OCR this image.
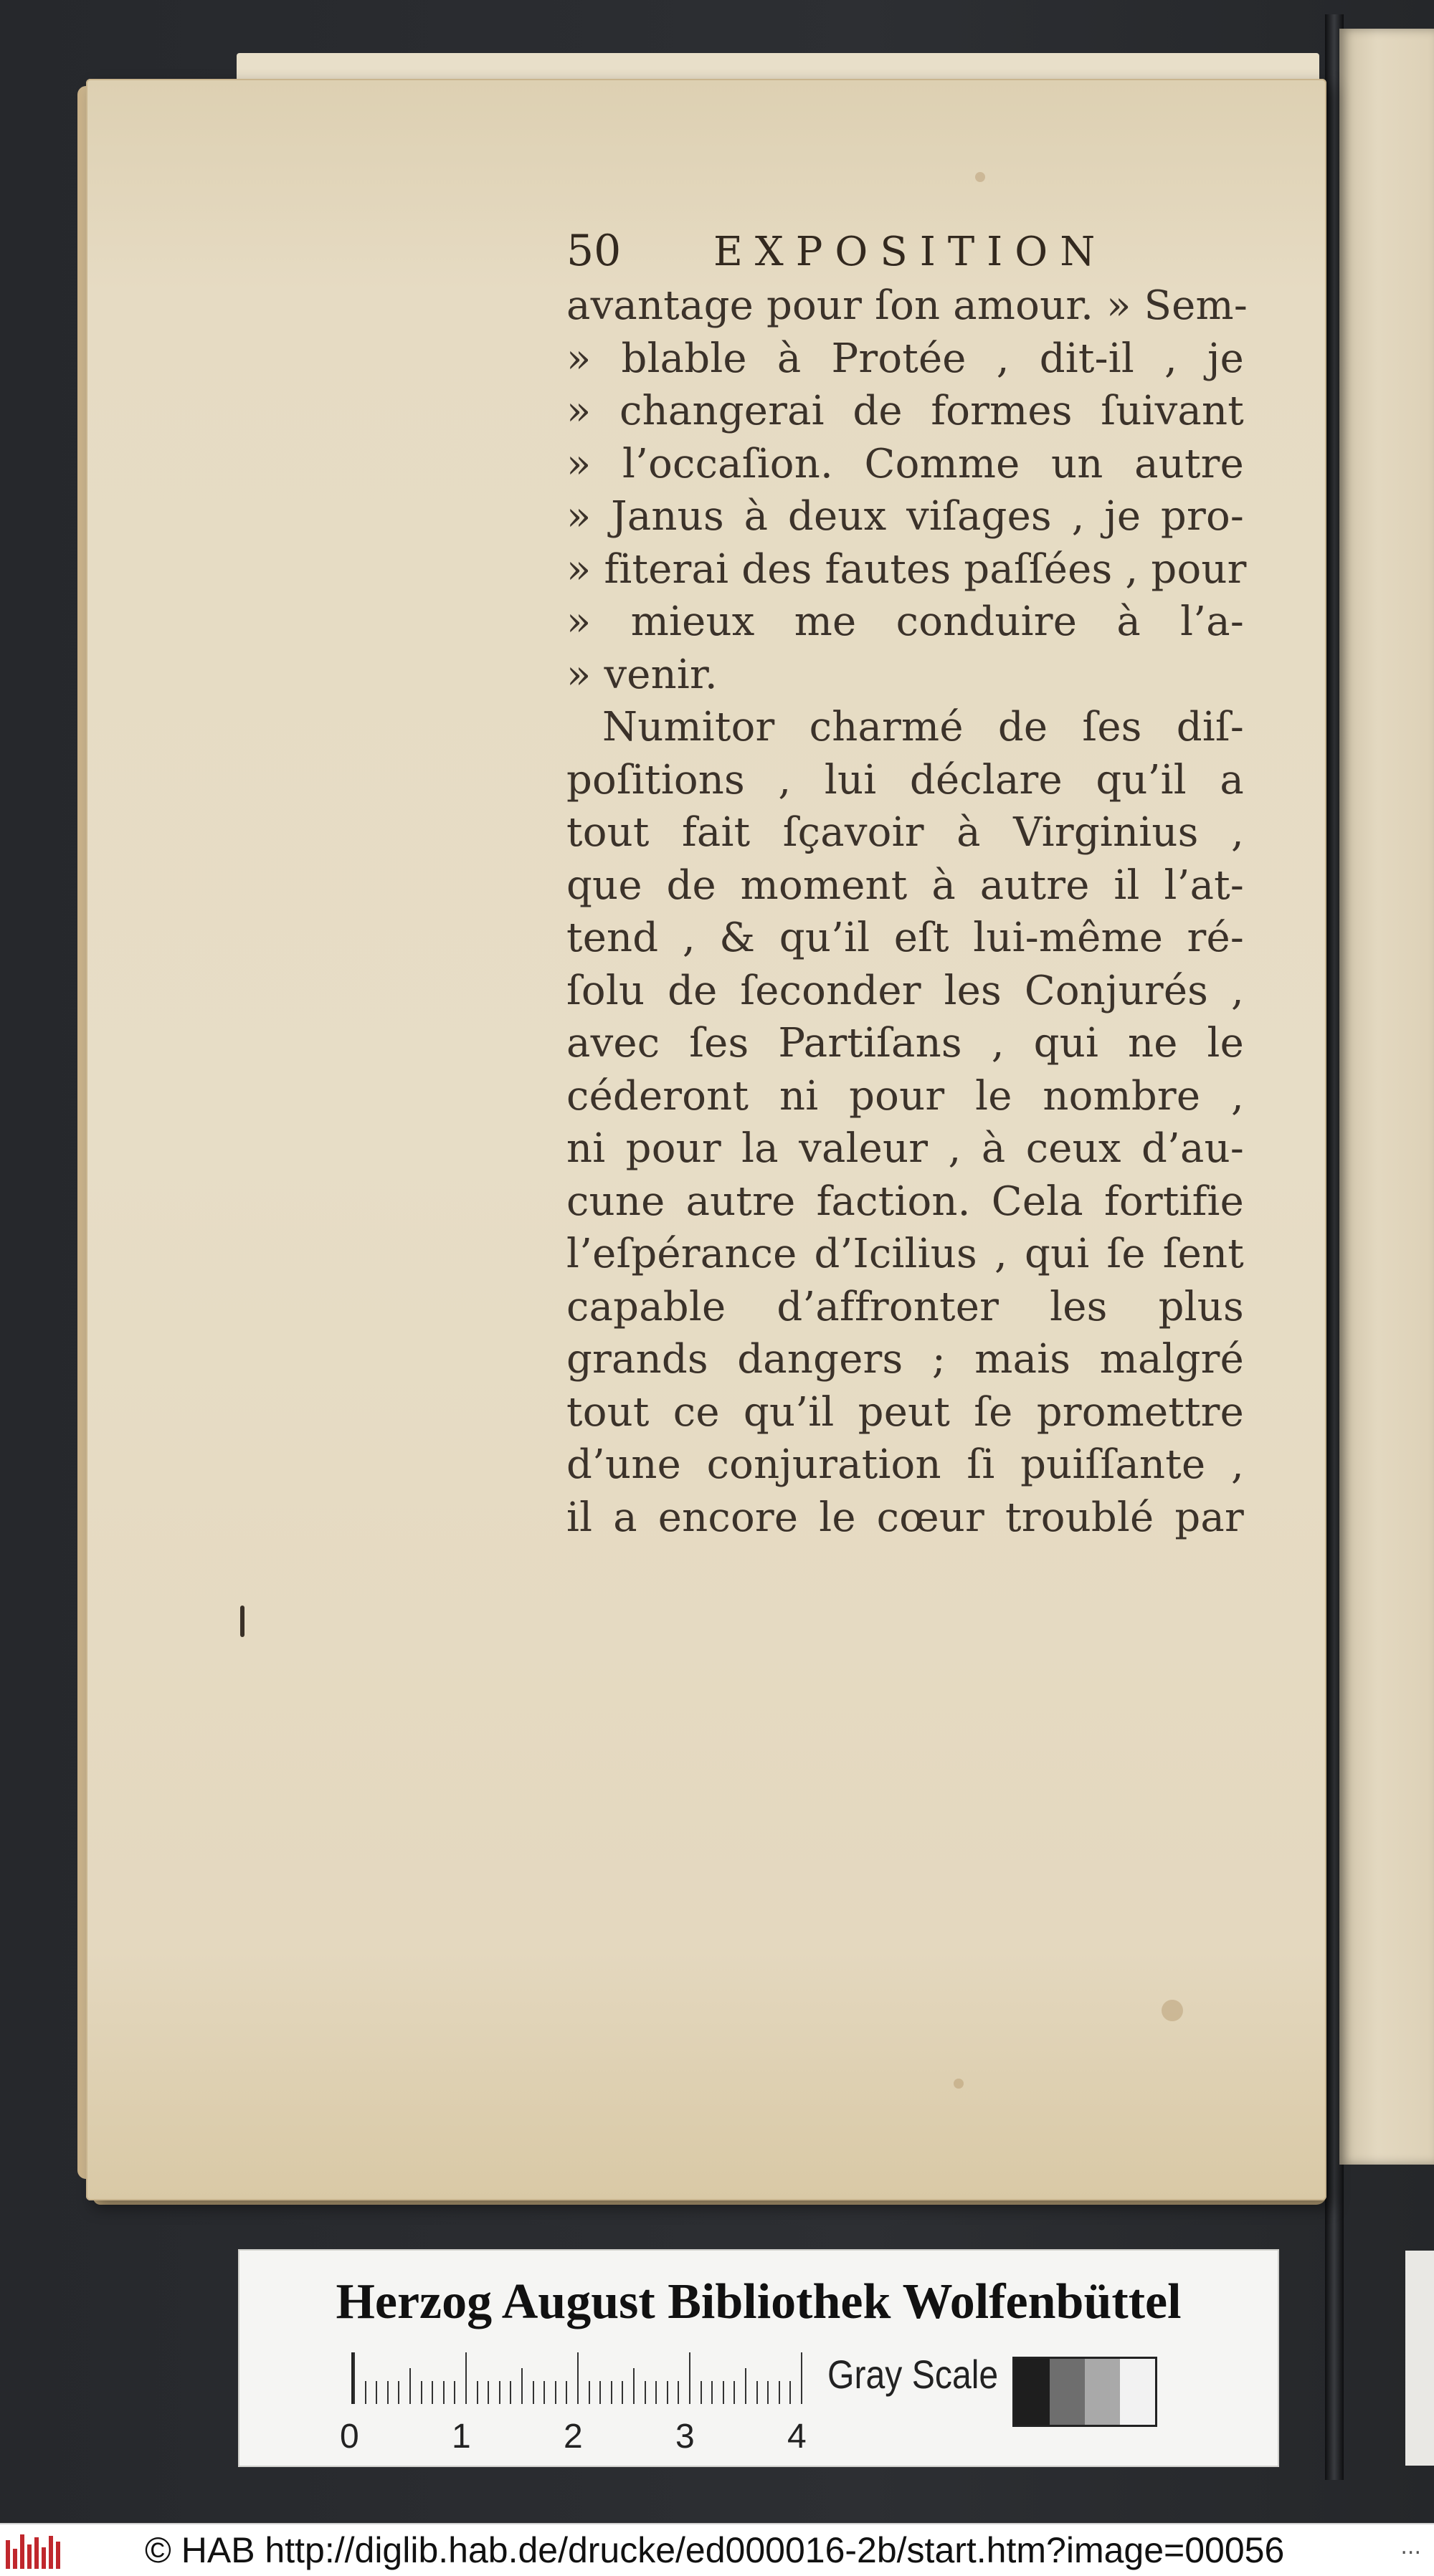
50	EXPOSITION
avantage pour ſon amour. » Sem-
» blable à Protée , dit-il , je
» changerai de formes ſuivant
» l’occaſion. Comme un autre
» Janus à deux viſages , je pro-
» fiterai des fautes paſſées , pour
» mieux me conduire à l’a-
» venir.
Numitor charmé de ſes diſ-
poſitions , lui déclare qu’il a
tout fait ſçavoir à Virginius ,
que de moment à autre il l’at-
tend , & qu’il eſt lui-même ré-
ſolu de ſeconder les Conjurés ,
avec ſes Partiſans , qui ne le
céderont ni pour le nombre ,
ni pour la valeur , à ceux d’au-
cune autre faction. Cela fortifie
l’eſpérance d’Icilius , qui ſe ſent
capable d’affronter les plus
grands dangers ; mais malgré
tout ce qu’il peut ſe promettre
d’une conjuration ſi puiſſante ,
il a encore le cœur troublé par
Herzog August Bibliothek Wolfenbüttel
0	1	2	3	4
Gray Scale
© HAB http://diglib.hab.de/drucke/ed000016-2b/start.htm?image=00056	...
